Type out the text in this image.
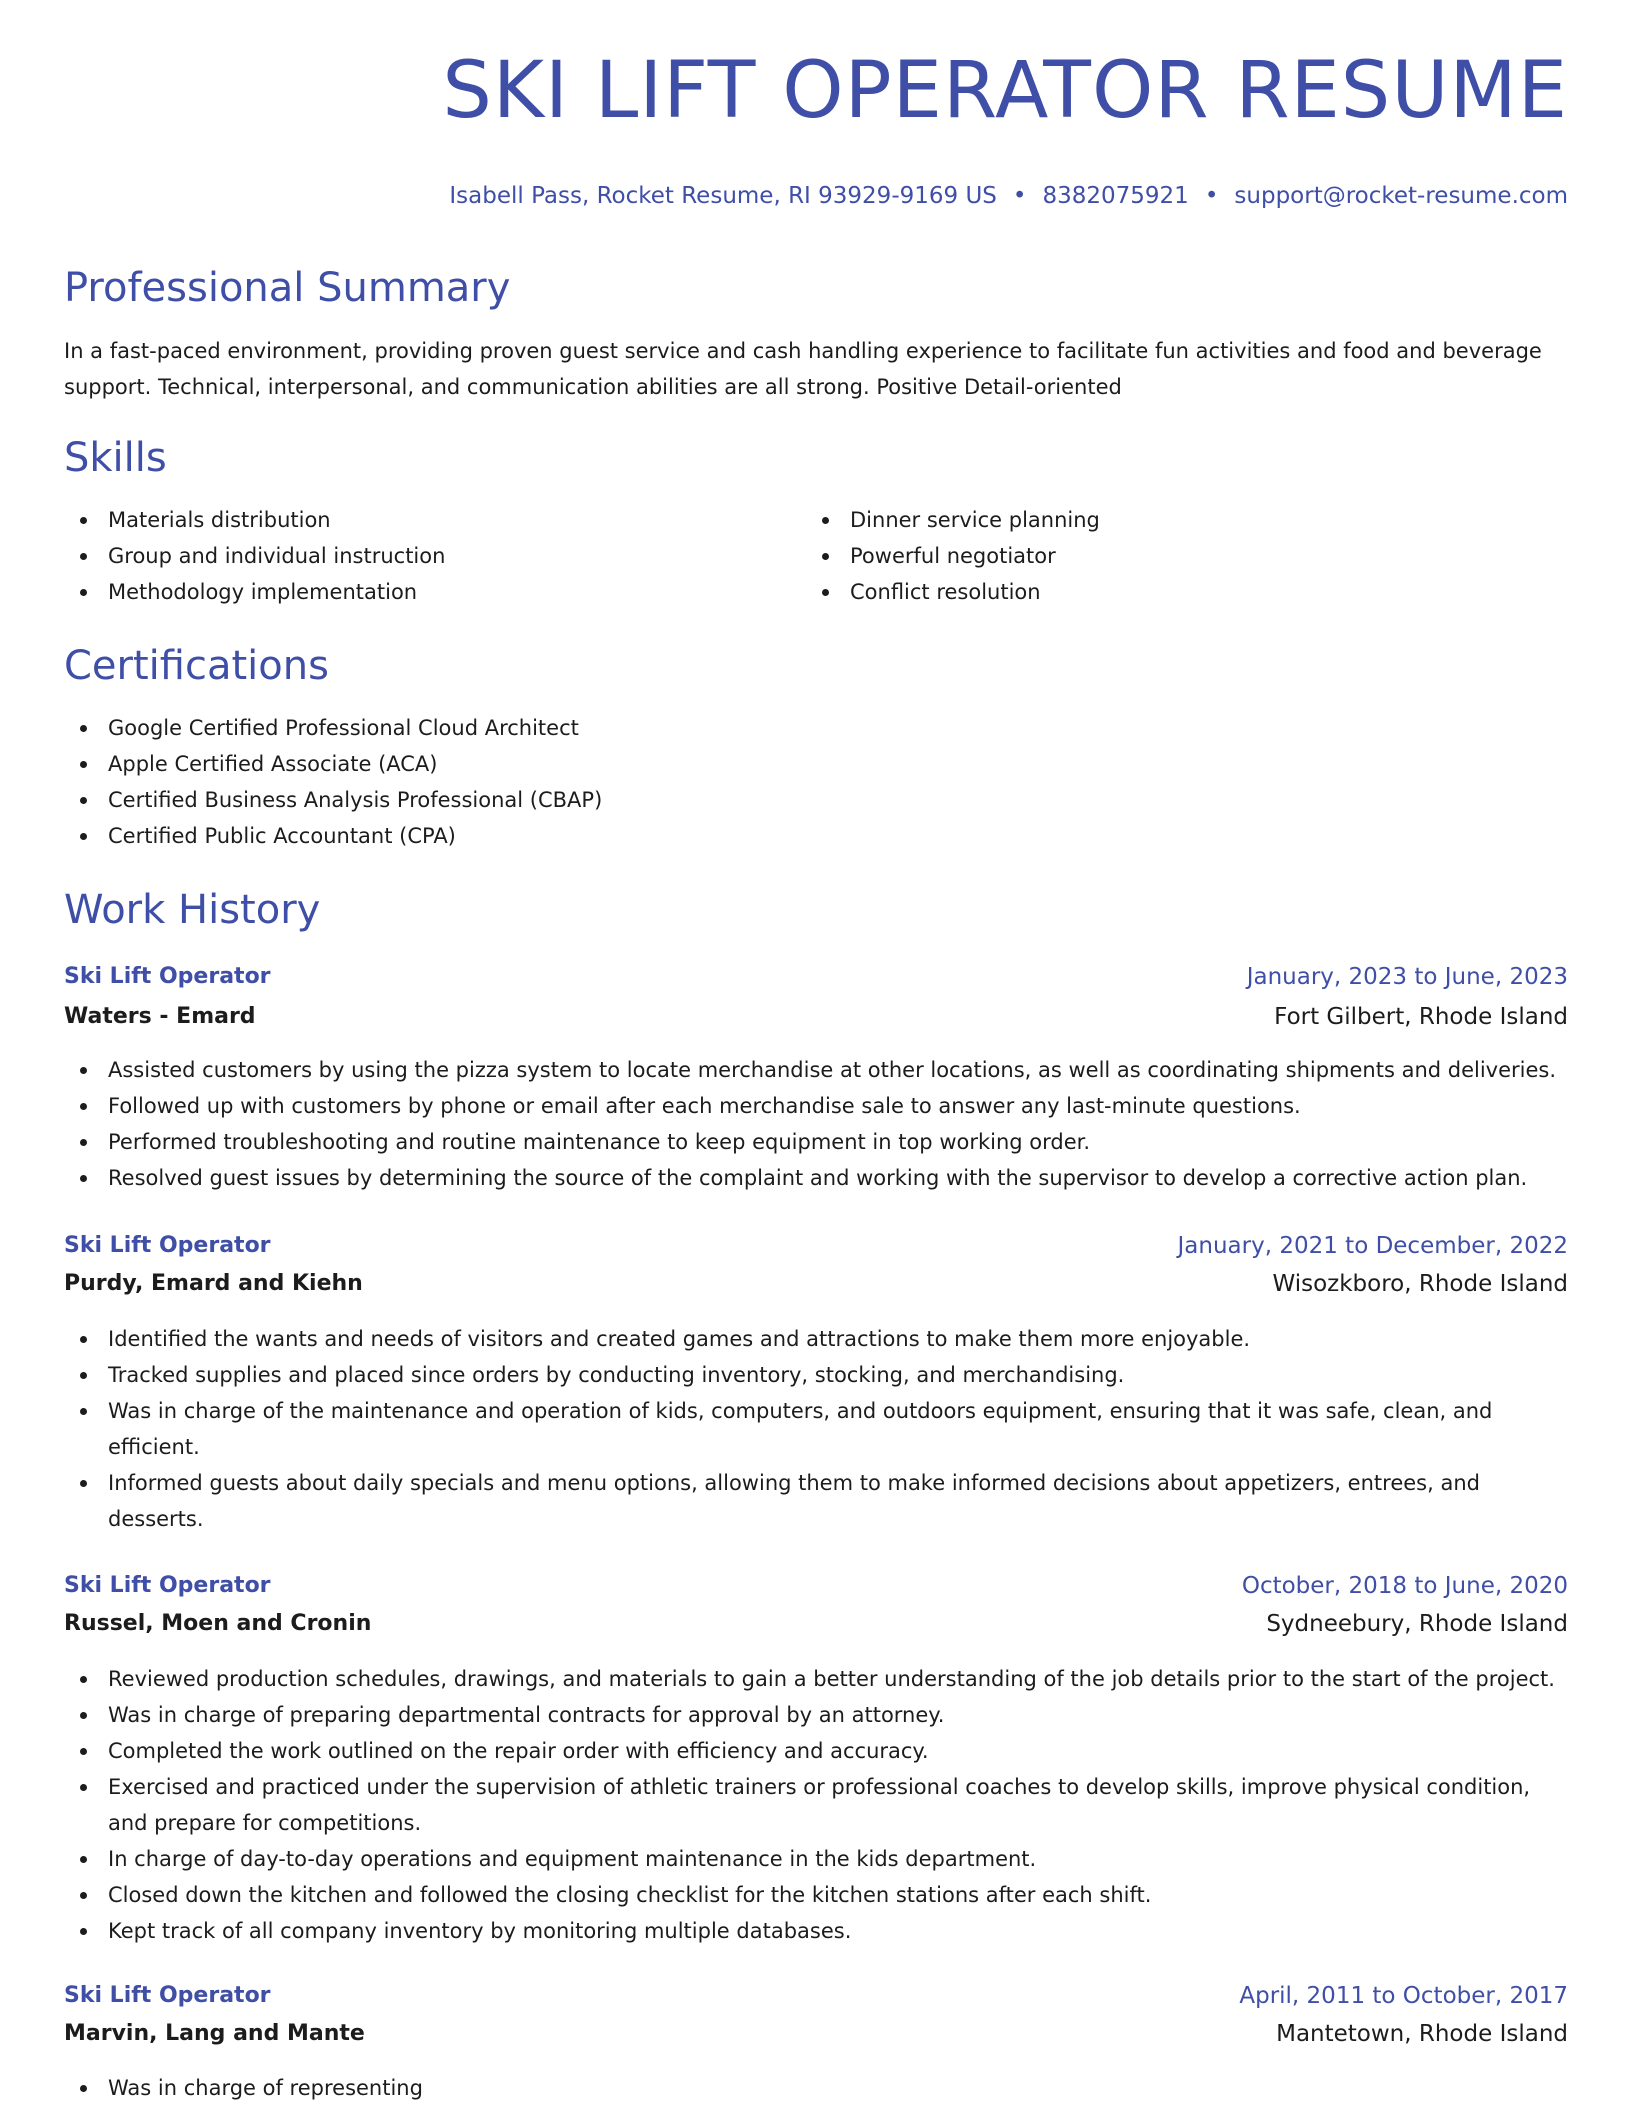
SKI LIFT OPERATOR RESUME
Isabell Pass, Rocket Resume, RI 93929-9169 US • 8382075921 • support@rocket-resume.com
Professional Summary

In a fast-paced environment, providing proven guest service and cash handling experience to facilitate fun activities and food and beverage support. Technical, interpersonal, and communication abilities are all strong. Positive Detail-oriented

Skills
Materials distribution
Group and individual instruction
Methodology implementation
Dinner service planning
Powerful negotiator
Conflict resolution
Certifications
Google Certified Professional Cloud Architect
Apple Certified Associate (ACA)
Certified Business Analysis Professional (CBAP)
Certified Public Accountant (CPA)
Work History
Ski Lift Operator	January, 2023 to June, 2023
Waters - Emard	Fort Gilbert, Rhode Island
Assisted customers by using the pizza system to locate merchandise at other locations, as well as coordinating shipments and deliveries.
Followed up with customers by phone or email after each merchandise sale to answer any last-minute questions.
Performed troubleshooting and routine maintenance to keep equipment in top working order.
Resolved guest issues by determining the source of the complaint and working with the supervisor to develop a corrective action plan.
Ski Lift Operator	January, 2021 to December, 2022
Purdy, Emard and Kiehn	Wisozkboro, Rhode Island
Identified the wants and needs of visitors and created games and attractions to make them more enjoyable.
Tracked supplies and placed since orders by conducting inventory, stocking, and merchandising.
Was in charge of the maintenance and operation of kids, computers, and outdoors equipment, ensuring that it was safe, clean, and efficient.
Informed guests about daily specials and menu options, allowing them to make informed decisions about appetizers, entrees, and desserts.
Ski Lift Operator	October, 2018 to June, 2020
Russel, Moen and Cronin	Sydneebury, Rhode Island
Reviewed production schedules, drawings, and materials to gain a better understanding of the job details prior to the start of the project.
Was in charge of preparing departmental contracts for approval by an attorney.
Completed the work outlined on the repair order with efficiency and accuracy.
Exercised and practiced under the supervision of athletic trainers or professional coaches to develop skills, improve physical condition, and prepare for competitions.
In charge of day-to-day operations and equipment maintenance in the kids department.
Closed down the kitchen and followed the closing checklist for the kitchen stations after each shift.
Kept track of all company inventory by monitoring multiple databases.
Ski Lift Operator	April, 2011 to October, 2017
Marvin, Lang and Mante	Mantetown, Rhode Island
Was in charge of representing
